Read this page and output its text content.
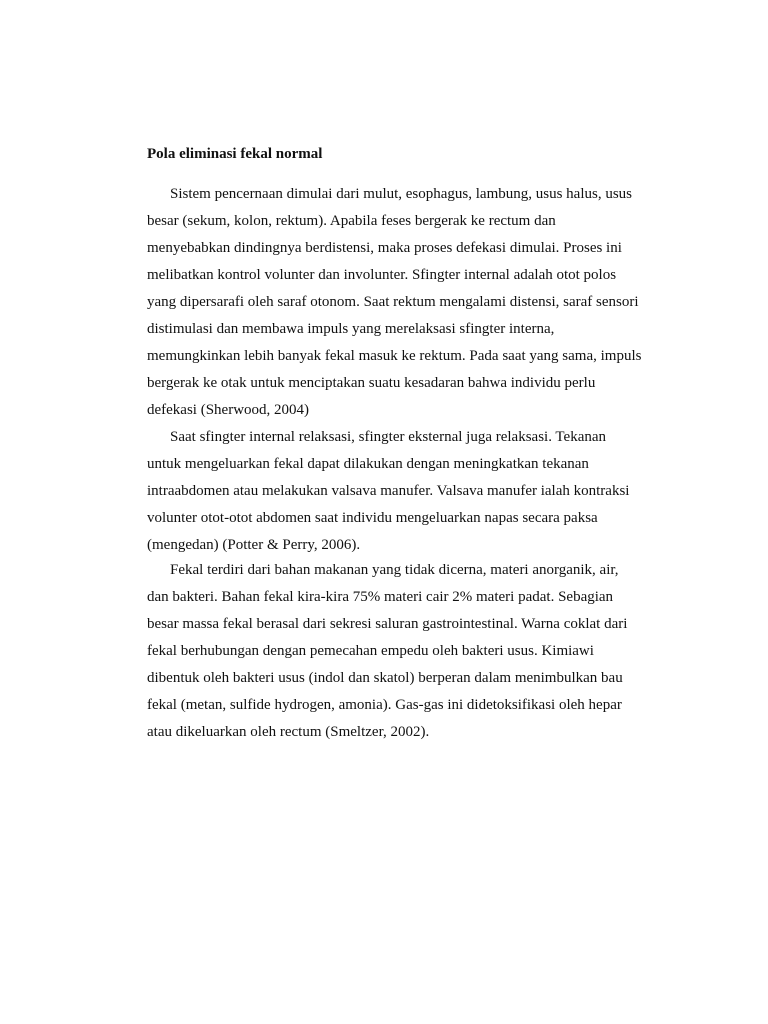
Pola eliminasi fekal normal
Sistem pencernaan dimulai dari mulut, esophagus, lambung, usus halus, usus
besar (sekum, kolon, rektum). Apabila feses bergerak ke rectum dan
menyebabkan dindingnya berdistensi, maka proses defekasi dimulai. Proses ini
melibatkan kontrol volunter dan involunter. Sfingter internal adalah otot polos
yang dipersarafi oleh saraf otonom. Saat rektum mengalami distensi, saraf sensori
distimulasi dan membawa impuls yang merelaksasi sfingter interna,
memungkinkan lebih banyak fekal masuk ke rektum. Pada saat yang sama, impuls
bergerak ke otak untuk menciptakan suatu kesadaran bahwa individu perlu
defekasi (Sherwood, 2004)
Saat sfingter internal relaksasi, sfingter eksternal juga relaksasi. Tekanan
untuk mengeluarkan fekal dapat dilakukan dengan meningkatkan tekanan
intraabdomen atau melakukan valsava manufer. Valsava manufer ialah kontraksi
volunter otot-otot abdomen saat individu mengeluarkan napas secara paksa
(mengedan) (Potter & Perry, 2006).
Fekal terdiri dari bahan makanan yang tidak dicerna, materi anorganik, air,
dan bakteri. Bahan fekal kira-kira 75% materi cair 2% materi padat. Sebagian
besar massa fekal berasal dari sekresi saluran gastrointestinal. Warna coklat dari
fekal berhubungan dengan pemecahan empedu oleh bakteri usus. Kimiawi
dibentuk oleh bakteri usus (indol dan skatol) berperan dalam menimbulkan bau
fekal (metan, sulfide hydrogen, amonia). Gas-gas ini didetoksifikasi oleh hepar
atau dikeluarkan oleh rectum (Smeltzer, 2002).
